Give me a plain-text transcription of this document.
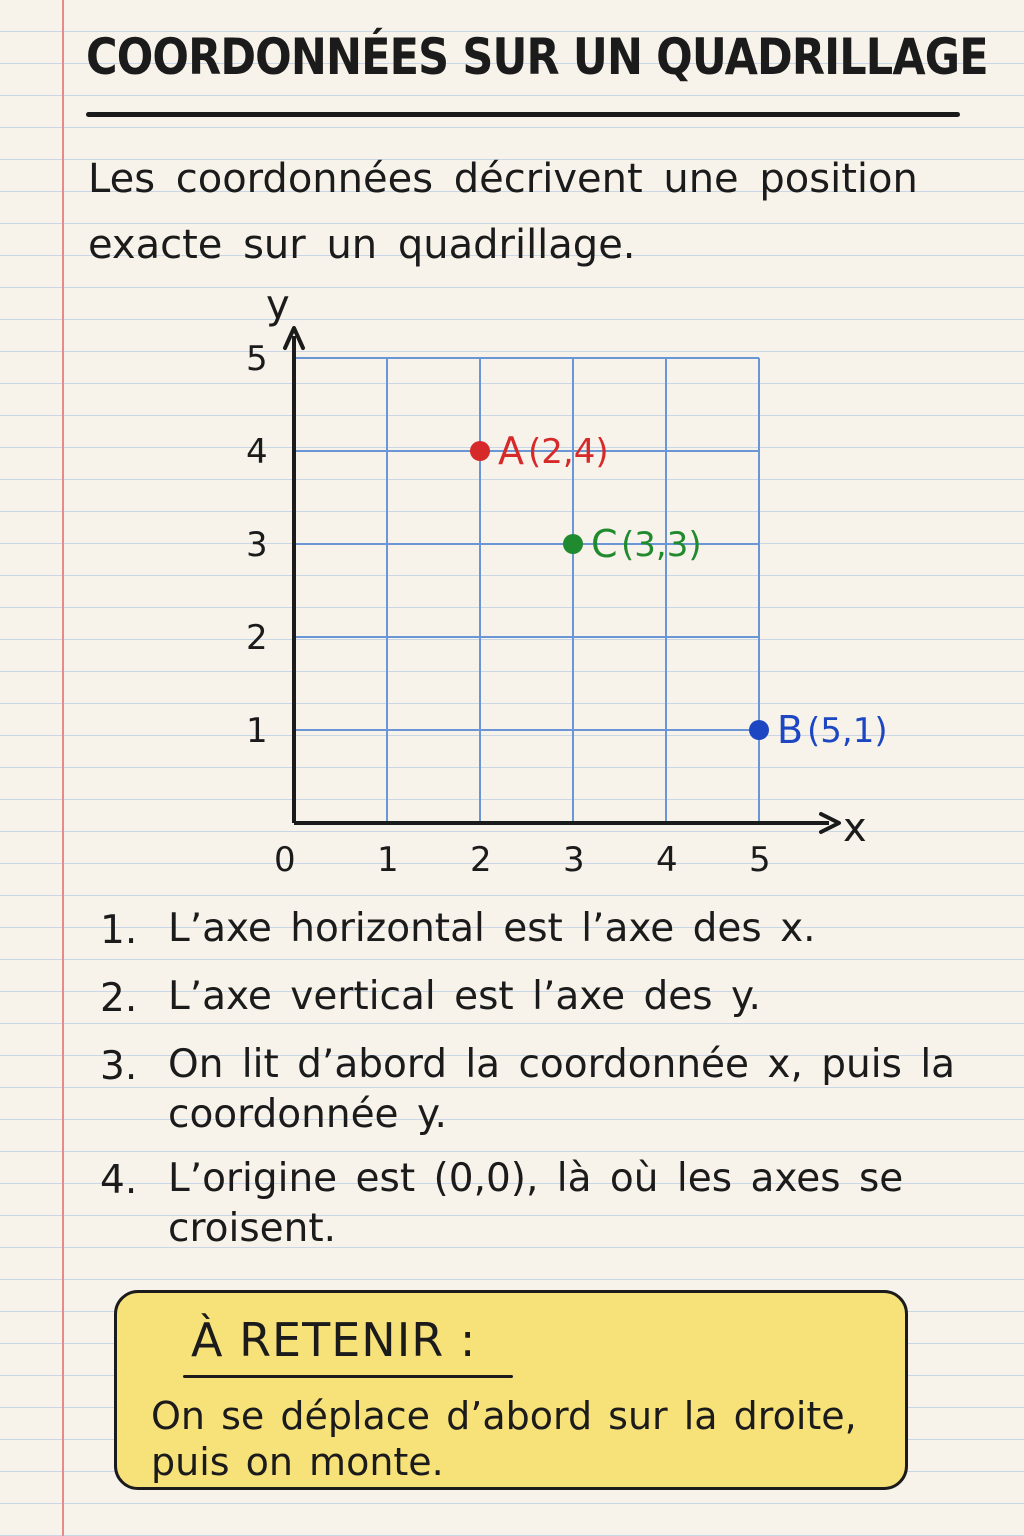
COORDONNÉES SUR UN QUADRILLAGE
Les coordonnées décrivent une position exacte sur un quadrillage.
y
x
0 1 2 3 4 5
1
2
3
4
5
A (2,4)
C (3,3)
B (5,1)
1. L’axe horizontal est l’axe des x.
2. L’axe vertical est l’axe des y.
3. On lit d’abord la coordonnée x, puis la coordonnée y.
4. L’origine est (0,0), là où les axes se croisent.
À RETENIR :
On se déplace d’abord sur la droite, puis on monte.
